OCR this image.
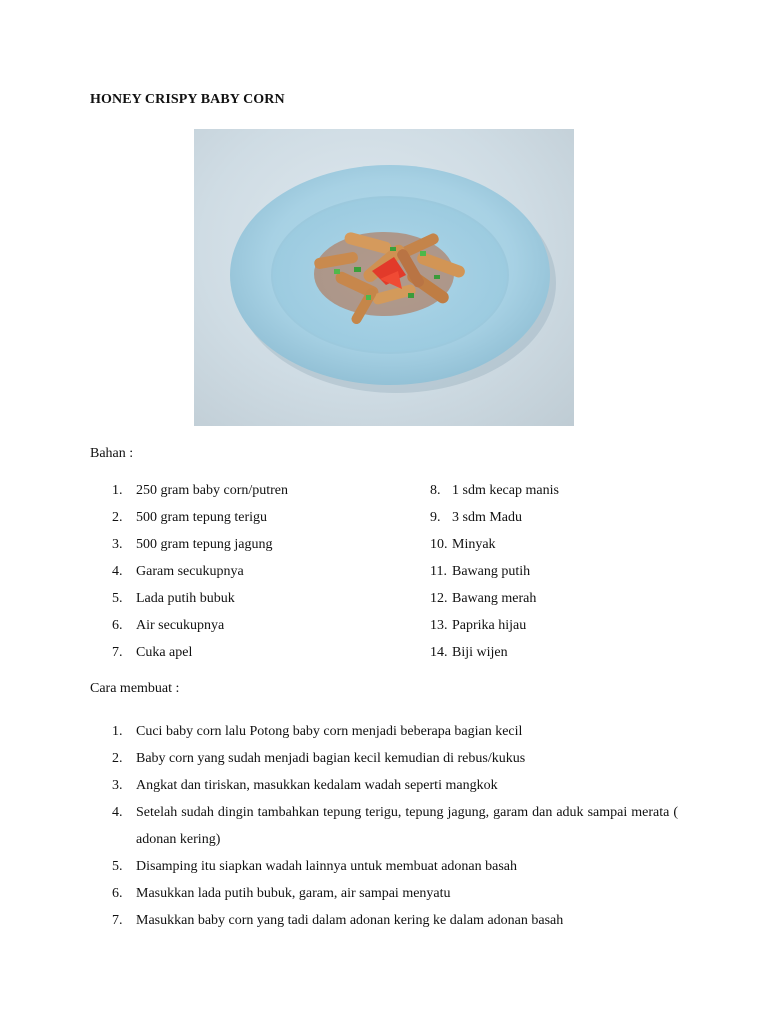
HONEY CRISPY BABY CORN
Bahan :
1. 250 gram baby corn/putren
2. 500 gram tepung terigu
3. 500 gram tepung jagung
4. Garam secukupnya
5. Lada putih bubuk
6. Air secukupnya
7. Cuka apel
8. 1 sdm kecap manis
9. 3 sdm Madu
10. Minyak
11. Bawang putih
12. Bawang merah
13. Paprika hijau
14. Biji wijen
Cara membuat :
1. Cuci baby corn lalu Potong baby corn menjadi beberapa bagian kecil
2. Baby corn yang sudah menjadi bagian kecil kemudian di rebus/kukus
3. Angkat dan tiriskan, masukkan kedalam wadah seperti mangkok
4. Setelah sudah dingin tambahkan tepung terigu, tepung jagung, garam dan aduk sampai merata ( adonan kering)
5. Disamping itu siapkan wadah lainnya untuk membuat adonan basah
6. Masukkan lada putih bubuk, garam, air sampai menyatu
7. Masukkan baby corn yang tadi dalam adonan kering ke dalam adonan basah
